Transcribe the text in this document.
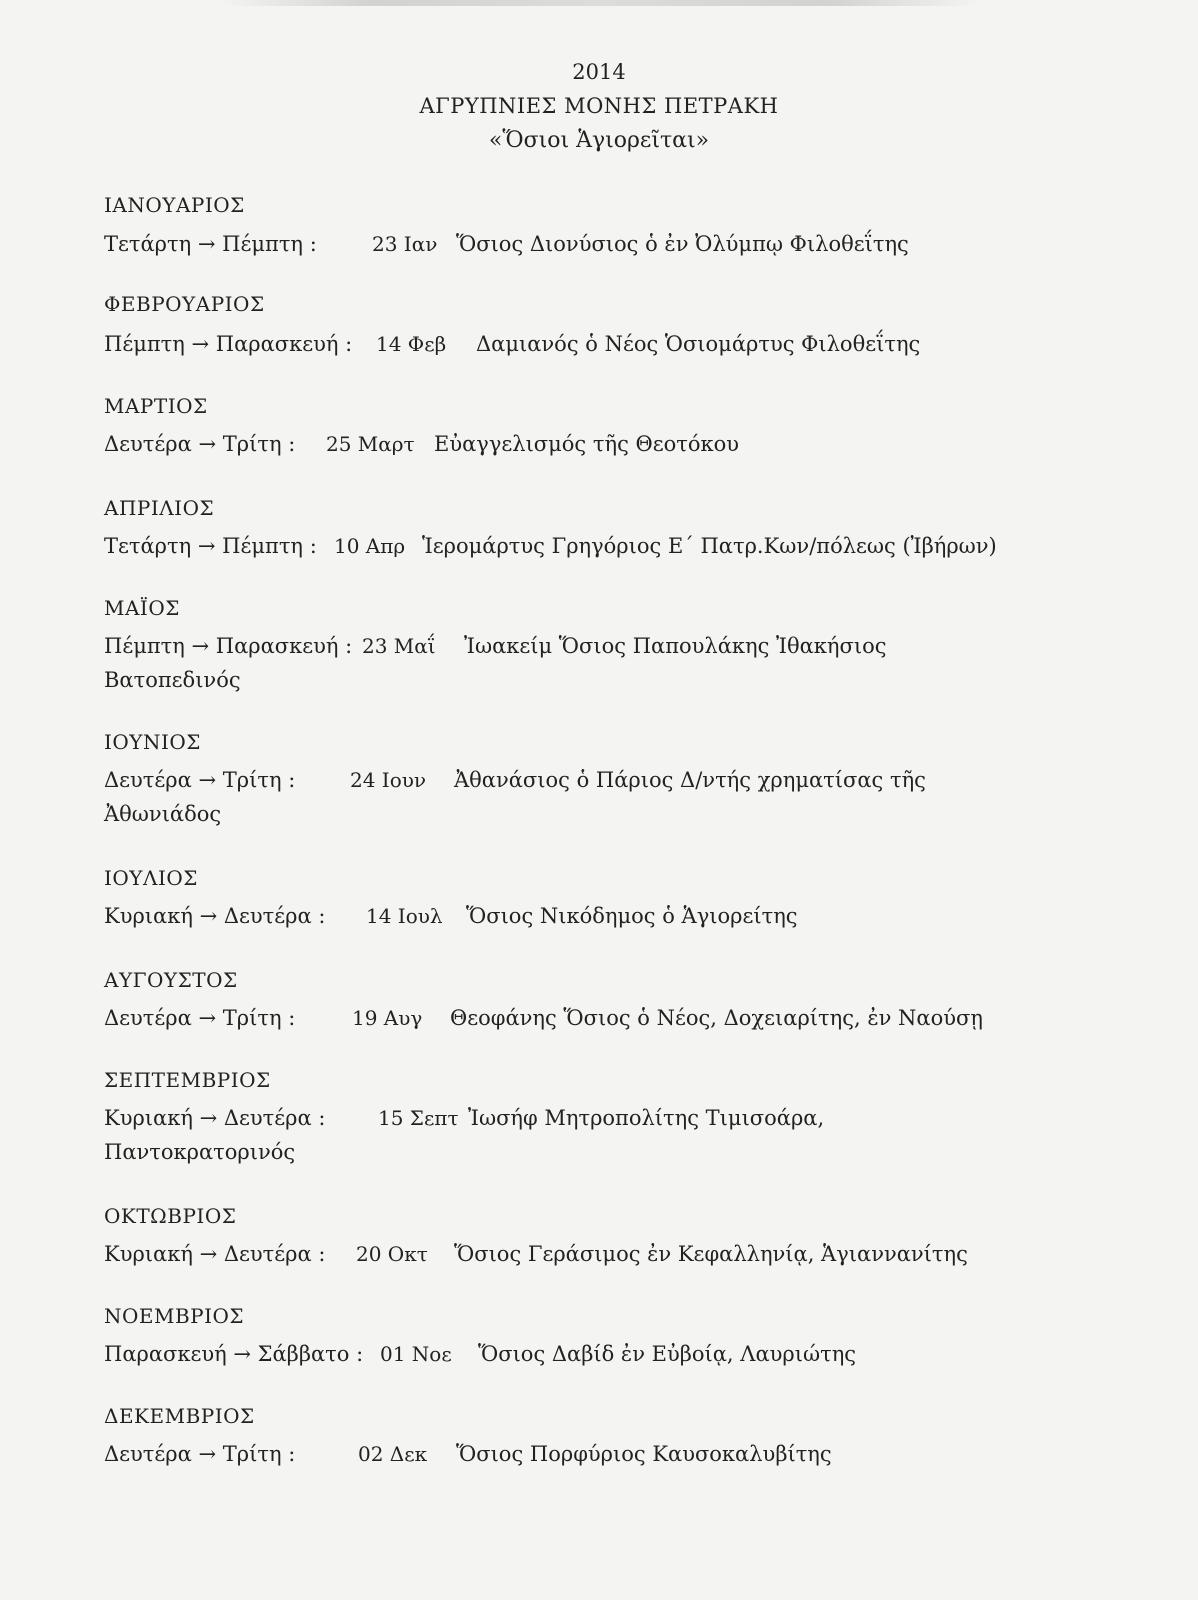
2014
ΑΓΡΥΠΝΙΕΣ ΜΟΝΗΣ ΠΕΤΡΑΚΗ
«Ὅσιοι Ἁγιορεῖται»
ΙΑΝΟΥΑΡΙΟΣ
Τετάρτη → Πέμπτη :	23 Ιαν Ὅσιος Διονύσιος ὁ ἐν Ὀλύμπῳ Φιλοθεΐτης
ΦΕΒΡΟΥΑΡΙΟΣ
Πέμπτη → Παρασκευή : 14 Φεβ Δαμιανός ὁ Νέος Ὁσιομάρτυς Φιλοθεΐτης
ΜΑΡΤΙΟΣ
Δευτέρα → Τρίτη : 25 Μαρτ Εὐαγγελισμός τῆς Θεοτόκου
ΑΠΡΙΛΙΟΣ
Τετάρτη → Πέμπτη : 10 Απρ Ἱερομάρτυς Γρηγόριος Ε΄ Πατρ.Κων/πόλεως (Ἰβήρων)
ΜΑΪΟΣ
Πέμπτη → Παρασκευή : 23 Μαΐ Ἰωακείμ Ὅσιος Παπουλάκης Ἰθακήσιος
Βατοπεδινός
ΙΟΥΝΙΟΣ
Δευτέρα → Τρίτη :	24 Ιουν Ἀθανάσιος ὁ Πάριος Δ/ντής χρηματίσας τῆς
Ἀθωνιάδος
ΙΟΥΛΙΟΣ
Κυριακή → Δευτέρα : 14 Ιουλ Ὅσιος Νικόδημος ὁ Ἁγιορείτης
ΑΥΓΟΥΣΤΟΣ
Δευτέρα → Τρίτη :	19 Αυγ Θεοφάνης Ὅσιος ὁ Νέος, Δοχειαρίτης, ἐν Ναούσῃ
ΣΕΠΤΕΜΒΡΙΟΣ
Κυριακή → Δευτέρα :	15 Σεπτ Ἰωσήφ Μητροπολίτης Τιμισοάρα,
Παντοκρατορινός
ΟΚΤΩΒΡΙΟΣ
Κυριακή → Δευτέρα : 20 Οκτ Ὅσιος Γεράσιμος ἐν Κεφαλληνίᾳ, Ἁγιαννανίτης
ΝΟΕΜΒΡΙΟΣ
Παρασκευή → Σάββατο : 01 Νοε Ὅσιος Δαβίδ ἐν Εὐβοίᾳ, Λαυριώτης
ΔΕΚΕΜΒΡΙΟΣ
Δευτέρα → Τρίτη :	02 Δεκ Ὅσιος Πορφύριος Καυσοκαλυβίτης
